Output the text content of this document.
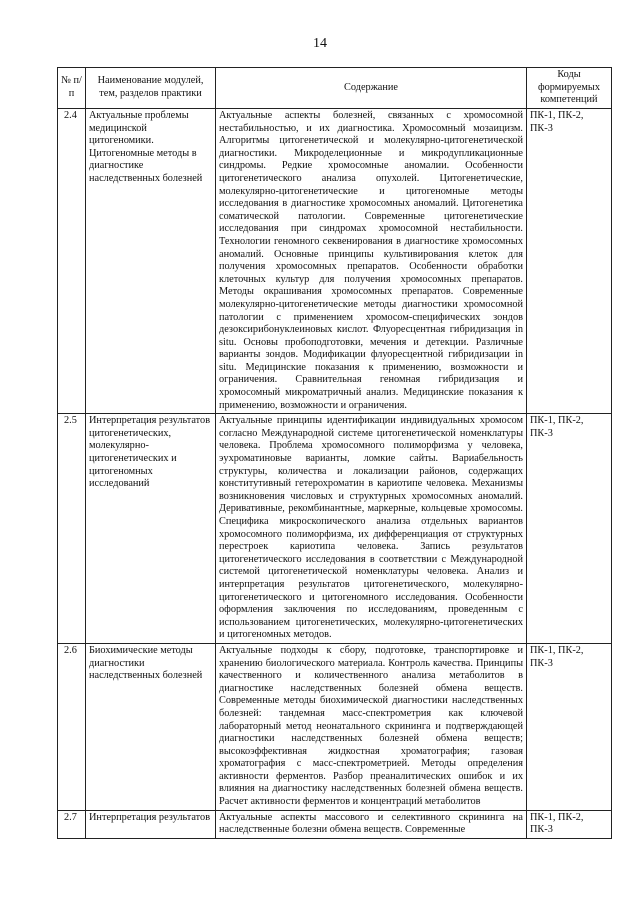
14
№ п/п	Наименование модулей, тем, разделов практики	Содержание	Коды формируемых компетенций
2.4	Актуальные проблемы медицинской цитогеномики. Цитогеномные методы в диагностике наследственных болезней	Актуальные аспекты болезней, связанных с хромосомной нестабильностью, и их диагностика. Хромосомный мозаицизм. Алгоритмы цитогенетической и молекулярно-цитогенетической диагностики. Микроделеционные и микродупликационные синдромы. Редкие хромосомные аномалии. Особенности цитогенетического анализа опухолей. Цитогенетические, молекулярно-цитогенетические и цитогеномные методы исследования в диагностике хромосомных аномалий. Цитогенетика соматической патологии. Современные цитогенетические исследования при синдромах хромосомной нестабильности. Технологии геномного секвенирования в диагностике хромосомных аномалий. Основные принципы культивирования клеток для получения хромосомных препаратов. Особенности обработки клеточных культур для получения хромосомных препаратов. Методы окрашивания хромосомных препаратов. Современные молекулярно-цитогенетические методы диагностики хромосомной патологии с применением хромосом-специфических зондов дезоксирибонуклеиновых кислот. Флуоресцентная гибридизация in situ. Основы пробоподготовки, мечения и детекции. Различные варианты зондов. Модификации флуоресцентной гибридизации in situ. Медицинские показания к применению, возможности и ограничения. Сравнительная геномная гибридизация и хромосомный микроматричный анализ. Медицинские показания к применению, возможности и ограничения.	ПК-1, ПК-2, ПК-3
2.5	Интерпретация результатов цитогенетических, молекулярно-цитогенетических и цитогеномных исследований	Актуальные принципы идентификации индивидуальных хромосом согласно Международной системе цитогенетической номенклатуры человека. Проблема хромосомного полиморфизма у человека, эухроматиновые варианты, ломкие сайты. Вариабельность структуры, количества и локализации районов, содержащих конститутивный гетерохроматин в кариотипе человека. Механизмы возникновения числовых и структурных хромосомных аномалий. Деривативные, рекомбинантные, маркерные, кольцевые хромосомы. Специфика микроскопического анализа отдельных вариантов хромосомного полиморфизма, их дифференциация от структурных перестроек кариотипа человека. Запись результатов цитогенетического исследования в соответствии с Международной системой цитогенетической номенклатуры человека. Анализ и интерпретация результатов цитогенетического, молекулярно-цитогенетического и цитогеномного исследования. Особенности оформления заключения по исследованиям, проведенным с использованием цитогенетических, молекулярно-цитогенетических и цитогеномных методов.	ПК-1, ПК-2, ПК-3
2.6	Биохимические методы диагностики наследственных болезней	Актуальные подходы к сбору, подготовке, транспортировке и хранению биологического материала. Контроль качества. Принципы качественного и количественного анализа метаболитов в диагностике наследственных болезней обмена веществ. Современные методы биохимической диагностики наследственных болезней: тандемная масс-спектрометрия как ключевой лабораторный метод неонатального скрининга и подтверждающей диагностики наследственных болезней обмена веществ; высокоэффективная жидкостная хроматография; газовая хроматография с масс-спектрометрией. Методы определения активности ферментов. Разбор преаналитических ошибок и их влияния на диагностику наследственных болезней обмена веществ. Расчет активности ферментов и концентраций метаболитов	ПК-1, ПК-2, ПК-3
2.7	Интерпретация результатов	Актуальные аспекты массового и селективного скрининга на наследственные болезни обмена веществ. Современные	ПК-1, ПК-2, ПК-3
